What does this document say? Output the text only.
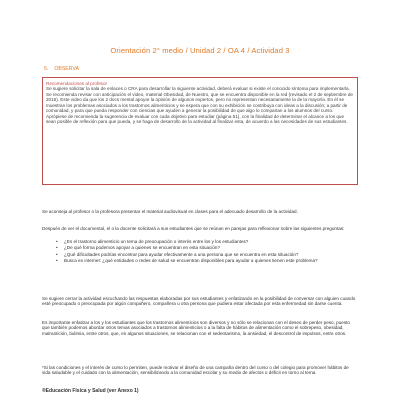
Orientación 2° medio / Unidad 2 / OA 4 / Actividad 3
5. OBSERVA
Recomendaciones al profesor

Se sugiere solicitar la sala de enlaces o CRA para desarrollar la siguiente actividad, deberá evaluar si existe el conocido síntoma para implementarla. Se recomienda revisar con anticipación el video, material Obesidad, de Nuestro, que se encuentra disponible en la red (revisado el 2 de septiembre de 2015). Este video da que los 2 docs mental apoyar la opinión de algunos expertos, pero no representan necesariamente la de la mayoría. En él se muestran los problemas asociados a los trastornos alimenticios y se espera que con su exhibición se contribuya con ideas a la discusión; a partir de comunidad, y para que pueda responder con ciencias que ayuden a generar la posibilidad de que algo lo compartan a los alumnos del curso. Aprópiese de recomienda la sugerencia de evaluar con cada objetivo para estudiar (página 51), con la finalidad de determinar el alcance a los que sean posible de reflexión para que pueda, y se haga de desarrollo de la actividad al finalizar esta, de acuerdo a las necesidades de sus estudiantes.

Se aconseja al profesor o la profesora presentar el material audiovisual en clases para el adecuado desarrollo de la actividad.

Después de ver el documental, el o la docente solicitará a sus estudiantes que se reúnan en parejas para reflexionar sobre las siguientes preguntas:

• ¿Es el trastorno alimenticio un tema de preocupación o interés entre los y los estudiantes?
• ¿De qué forma podemos apoyar a quienes se encuentran en esta situación?
• ¿Qué dificultades podrías encontrar para ayudar efectivamente a una persona que se encuentra en esta situación?
• Busca en internet: ¿qué entidades o redes de salud se encuentran disponibles para ayudar a quienes tienen este problema?

Se sugiere cerrar la actividad escuchando las respuestas elaboradas por sus estudiantes y enfatizando en la posibilidad de conversar con alguien cuando esté preocupado o preocupada por algún compañero, compañera u otra persona que pudiera estar afectada por esta enfermedad sin darse cuenta.

Es importante enfatizar a los y los estudiantes que los trastornos alimenticios son diversos y no sólo se relacionan con el deseo de perder peso, puesto que también podemos abordar otros temas asociados a trastornos alimenticios o a la falta de hábitos de alimentación como el sobrepeso, obesidad, malnutrición, bulimia, entre otros, que, en algunos situaciones, se relacionan con el sedentarismo, la ansiedad, el descontrol de impulsos, entre otros.

*Si las condiciones y el interés de curso lo permiten, puede motivar el diseño de una campaña dentro del curso o del colegio para promover hábitos de vida saludable y el cuidado con la alimentación, sensibilizando a la comunidad escolar y su medio de afectos o déficit en torno al tema.

®Educación Física y Salud (ver Anexo 1)
